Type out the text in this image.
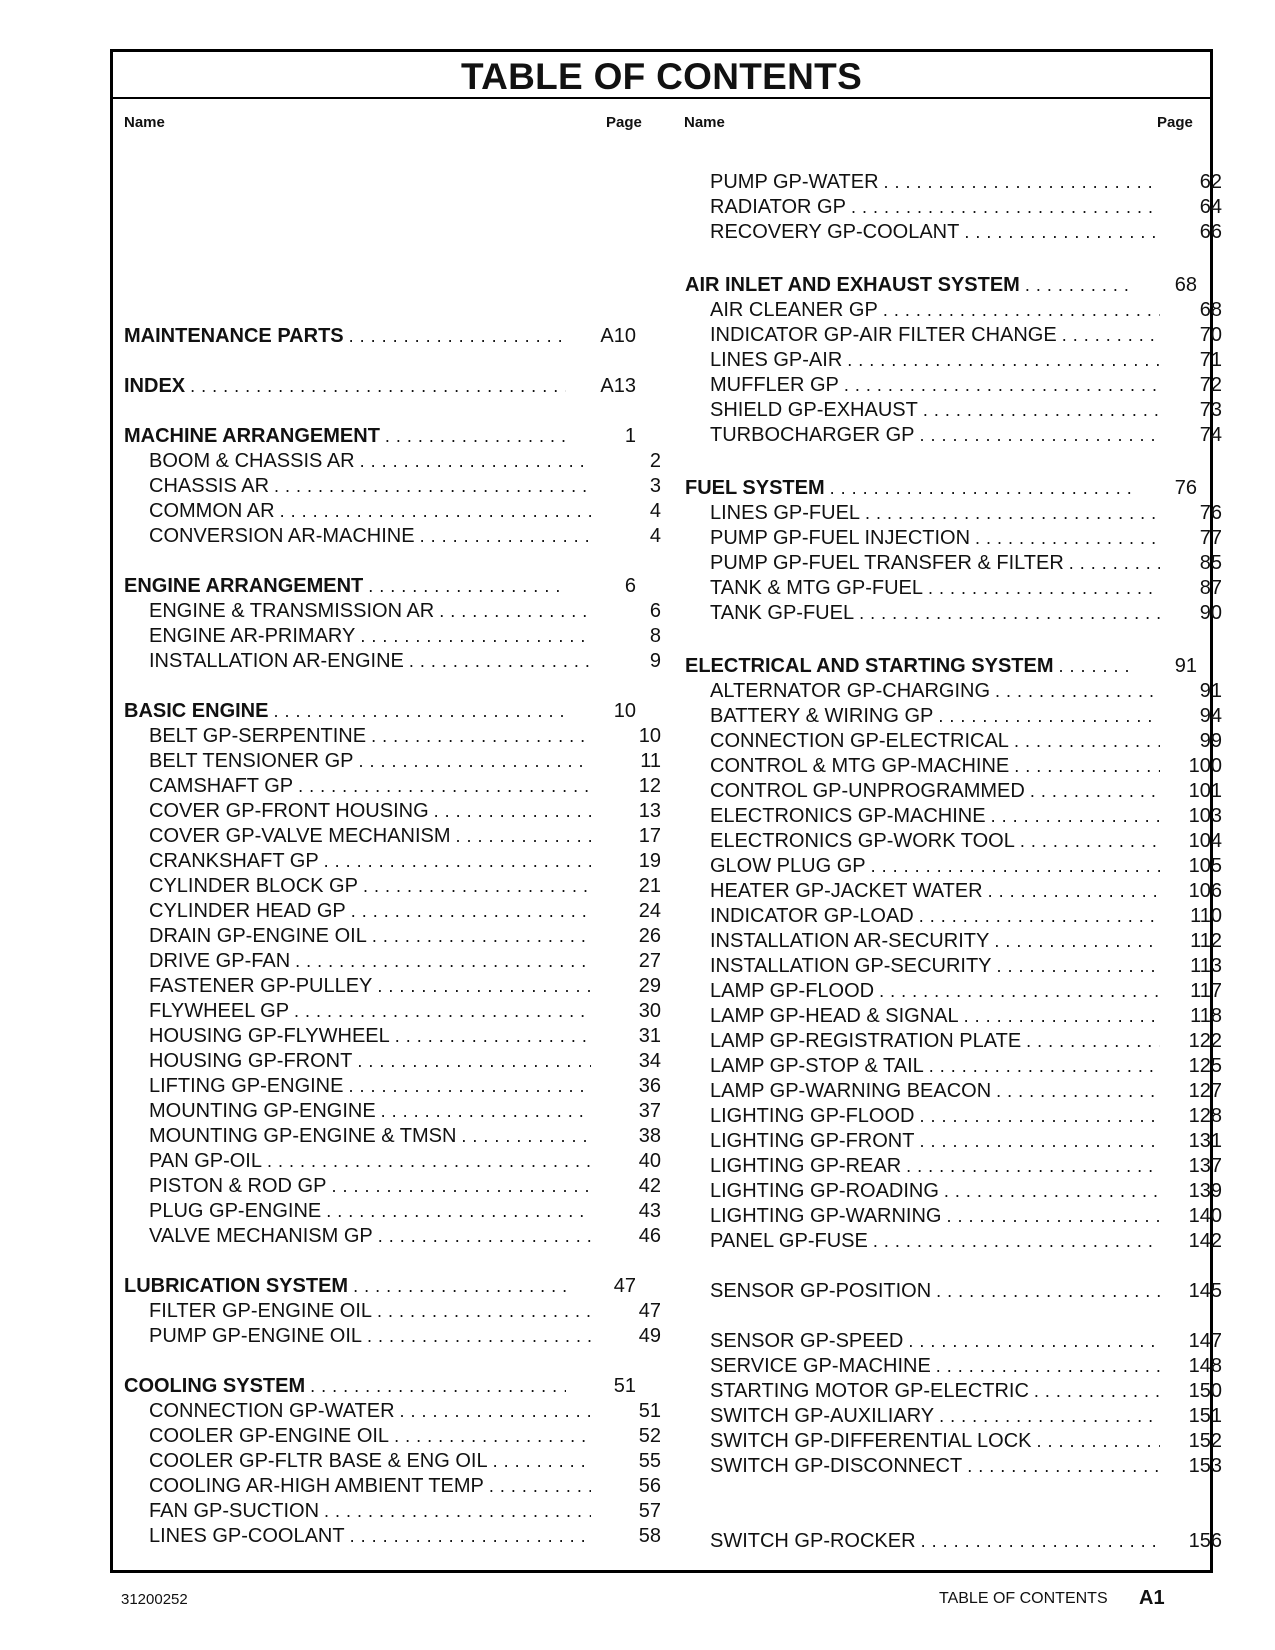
TABLE OF CONTENTS
Name	Page	Name	Page
MAINTENANCE PARTS . . .	A10
INDEX . . .	A13
MACHINE ARRANGEMENT . . .	1
BOOM & CHASSIS AR . . .	2
CHASSIS AR . . .	3
COMMON AR . . .	4
CONVERSION AR-MACHINE . . .	4
ENGINE ARRANGEMENT . . .	6
ENGINE & TRANSMISSION AR . . .	6
ENGINE AR-PRIMARY . . .	8
INSTALLATION AR-ENGINE . . .	9
BASIC ENGINE . . .	10
BELT GP-SERPENTINE . . .	10
BELT TENSIONER GP . . .	11
CAMSHAFT GP . . .	12
COVER GP-FRONT HOUSING . . .	13
COVER GP-VALVE MECHANISM . . .	17
CRANKSHAFT GP . . .	19
CYLINDER BLOCK GP . . .	21
CYLINDER HEAD GP . . .	24
DRAIN GP-ENGINE OIL . . .	26
DRIVE GP-FAN . . .	27
FASTENER GP-PULLEY . . .	29
FLYWHEEL GP . . .	30
HOUSING GP-FLYWHEEL . . .	31
HOUSING GP-FRONT . . .	34
LIFTING GP-ENGINE . . .	36
MOUNTING GP-ENGINE . . .	37
MOUNTING GP-ENGINE & TMSN . . .	38
PAN GP-OIL . . .	40
PISTON & ROD GP . . .	42
PLUG GP-ENGINE . . .	43
VALVE MECHANISM GP . . .	46
LUBRICATION SYSTEM . . .	47
FILTER GP-ENGINE OIL . . .	47
PUMP GP-ENGINE OIL . . .	49
COOLING SYSTEM . . .	51
CONNECTION GP-WATER . . .	51
COOLER GP-ENGINE OIL . . .	52
COOLER GP-FLTR BASE & ENG OIL . . .	55
COOLING AR-HIGH AMBIENT TEMP . . .	56
FAN GP-SUCTION . . .	57
LINES GP-COOLANT . . .	58
PUMP GP-WATER . . .	62
RADIATOR GP . . .	64
RECOVERY GP-COOLANT . . .	66
AIR INLET AND EXHAUST SYSTEM . . .	68
AIR CLEANER GP . . .	68
INDICATOR GP-AIR FILTER CHANGE . . .	70
LINES GP-AIR . . .	71
MUFFLER GP . . .	72
SHIELD GP-EXHAUST . . .	73
TURBOCHARGER GP . . .	74
FUEL SYSTEM . . .	76
LINES GP-FUEL . . .	76
PUMP GP-FUEL INJECTION . . .	77
PUMP GP-FUEL TRANSFER & FILTER . . .	85
TANK & MTG GP-FUEL . . .	87
TANK GP-FUEL . . .	90
ELECTRICAL AND STARTING SYSTEM . . .	91
ALTERNATOR GP-CHARGING . . .	91
BATTERY & WIRING GP . . .	94
CONNECTION GP-ELECTRICAL . . .	99
CONTROL & MTG GP-MACHINE . . .	100
CONTROL GP-UNPROGRAMMED . . .	101
ELECTRONICS GP-MACHINE . . .	103
ELECTRONICS GP-WORK TOOL . . .	104
GLOW PLUG GP . . .	105
HEATER GP-JACKET WATER . . .	106
INDICATOR GP-LOAD . . .	110
INSTALLATION AR-SECURITY . . .	112
INSTALLATION GP-SECURITY . . .	113
LAMP GP-FLOOD . . .	117
LAMP GP-HEAD & SIGNAL . . .	118
LAMP GP-REGISTRATION PLATE . . .	122
LAMP GP-STOP & TAIL . . .	125
LAMP GP-WARNING BEACON . . .	127
LIGHTING GP-FLOOD . . .	128
LIGHTING GP-FRONT . . .	131
LIGHTING GP-REAR . . .	137
LIGHTING GP-ROADING . . .	139
LIGHTING GP-WARNING . . .	140
PANEL GP-FUSE . . .	142
SENSOR GP-POSITION . . .	145
SENSOR GP-SPEED . . .	147
SERVICE GP-MACHINE . . .	148
STARTING MOTOR GP-ELECTRIC . . .	150
SWITCH GP-AUXILIARY . . .	151
SWITCH GP-DIFFERENTIAL LOCK . . .	152
SWITCH GP-DISCONNECT . . .	153
SWITCH GP-ROCKER . . .	156
31200252	TABLE OF CONTENTS A1
